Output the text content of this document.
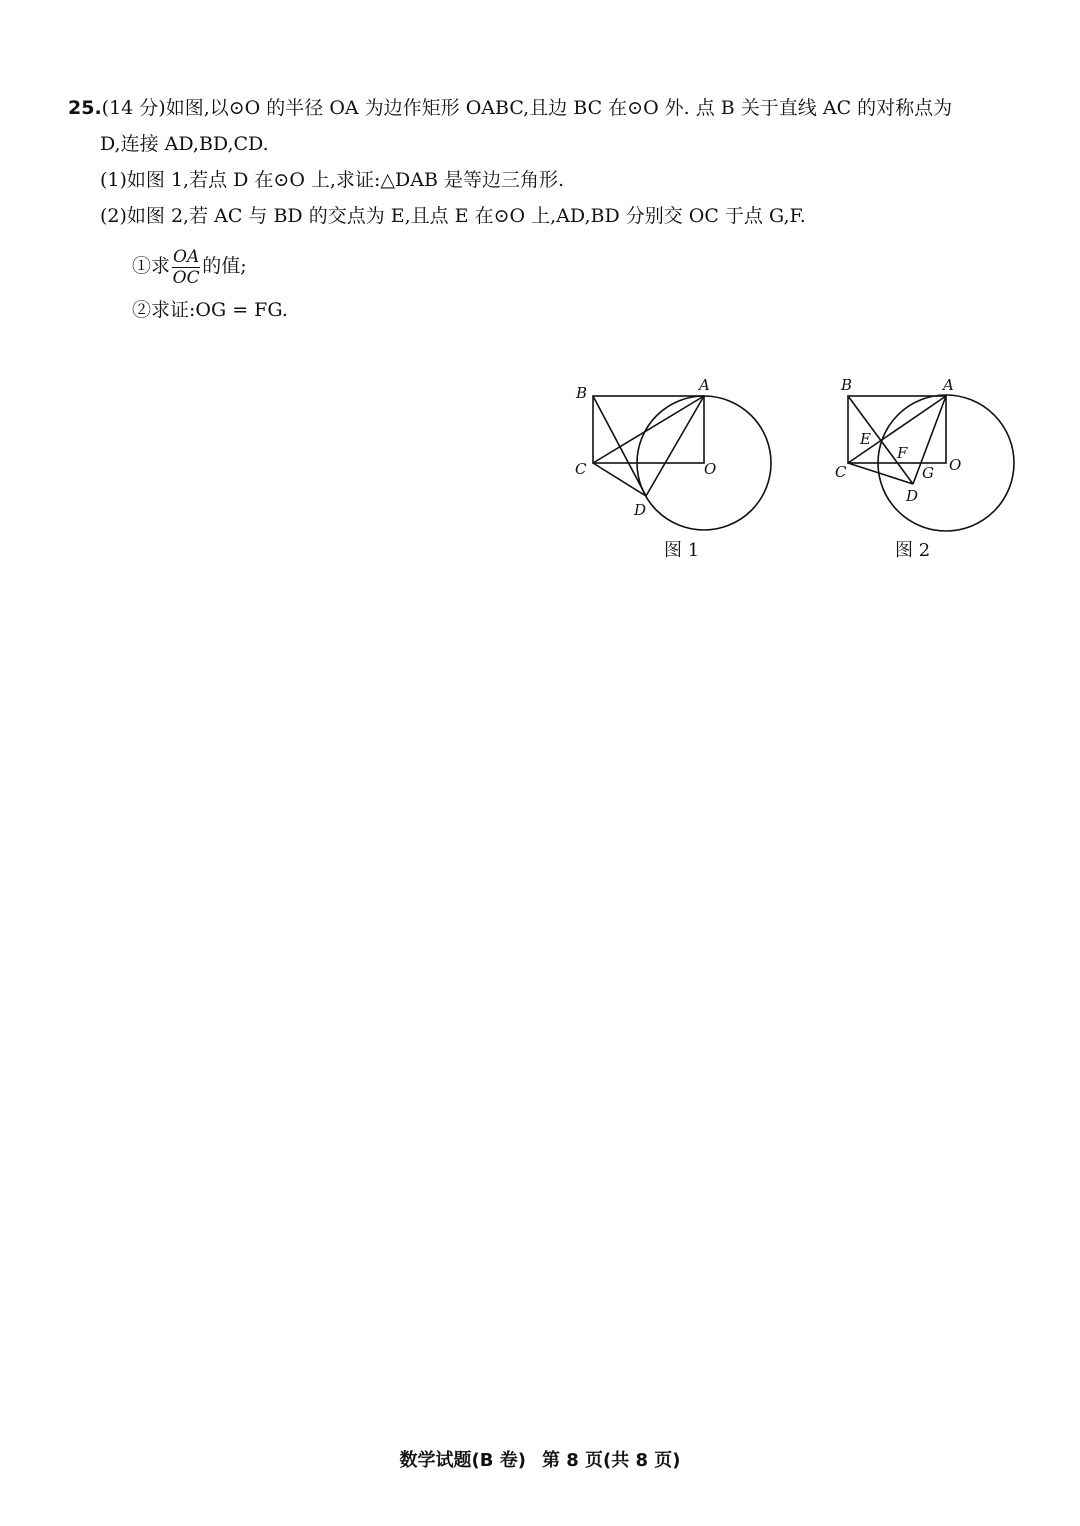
25.(14 分)如图,以⊙O 的半径 OA 为边作矩形 OABC,且边 BC 在⊙O 外. 点 B 关于直线 AC 的对称点为
D,连接 AD,BD,CD.
(1)如图 1,若点 D 在⊙O 上,求证:△DAB 是等边三角形.
(2)如图 2,若 AC 与 BD 的交点为 E,且点 E 在⊙O 上,AD,BD 分别交 OC 于点 G,F.
①求 $\frac{OA}{OC}$ 的值;
②求证:OG = FG.
B	A
C	O
D
图 1
B	A
E
F
C	G O
D
图 2
数学试题(B 卷) 第 8 页(共 8 页)
